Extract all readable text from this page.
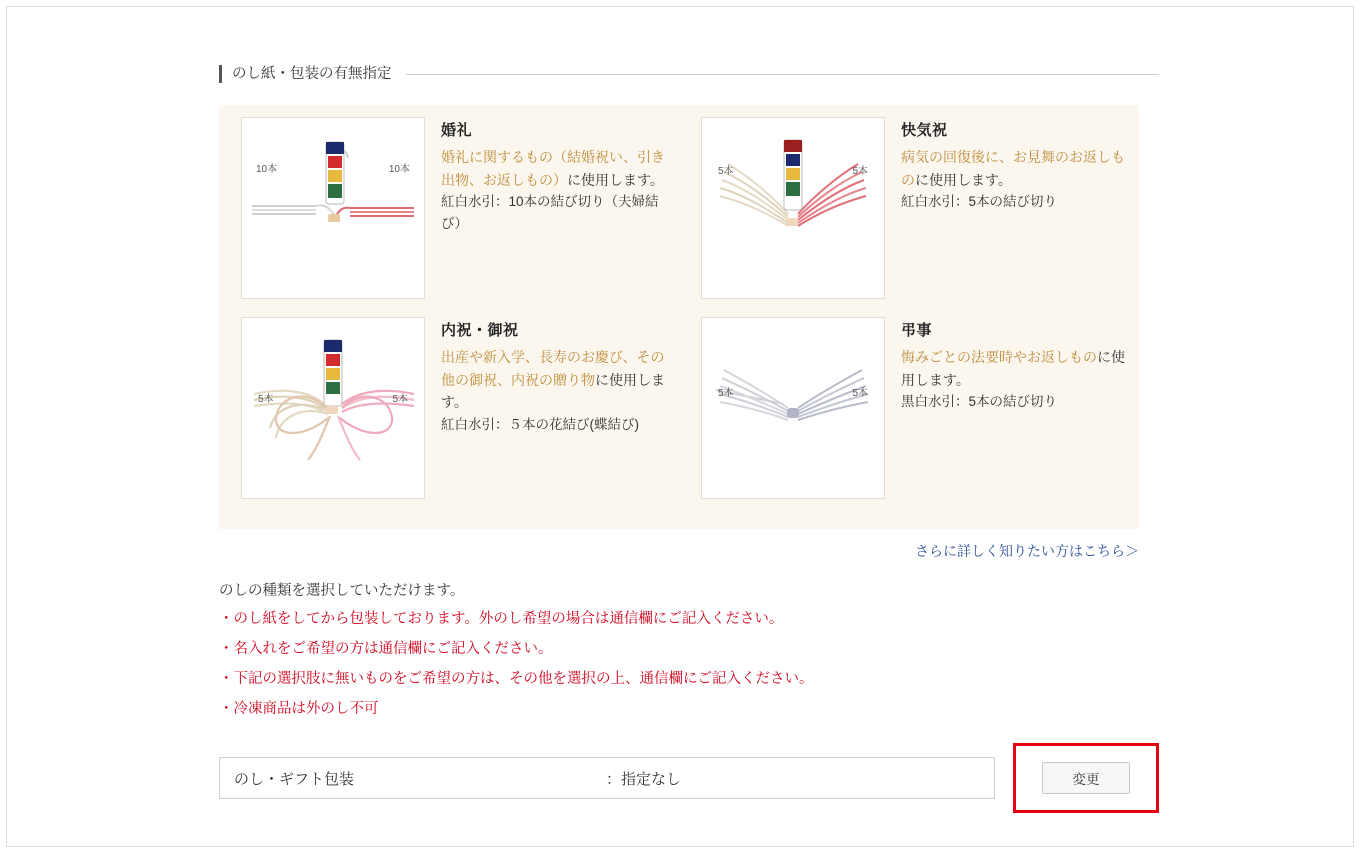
のし紙・包装の有無指定
10本	10本
婚礼
婚礼に関するもの（結婚祝い、引き出物、お返しもの）に使用します。
紅白水引：10本の結び切り（夫婦結び）
5本	5本
快気祝
病気の回復後に、お見舞のお返しものに使用します。
紅白水引：5本の結び切り
5本	5本
内祝・御祝
出産や新入学、長寿のお慶び、その他の御祝、内祝の贈り物に使用します。
紅白水引：５本の花結び(蝶結び)
5本	5本
弔事
悔みごとの法要時やお返しものに使用します。
黒白水引：5本の結び切り
さらに詳しく知りたい方はこちら＞
のしの種類を選択していただけます。
・のし紙をしてから包装しております。外のし希望の場合は通信欄にご記入ください。
・名入れをご希望の方は通信欄にご記入ください。
・下記の選択肢に無いものをご希望の方は、その他を選択の上、通信欄にご記入ください。
・冷凍商品は外のし不可
のし・ギフト包装	：指定なし	変更
